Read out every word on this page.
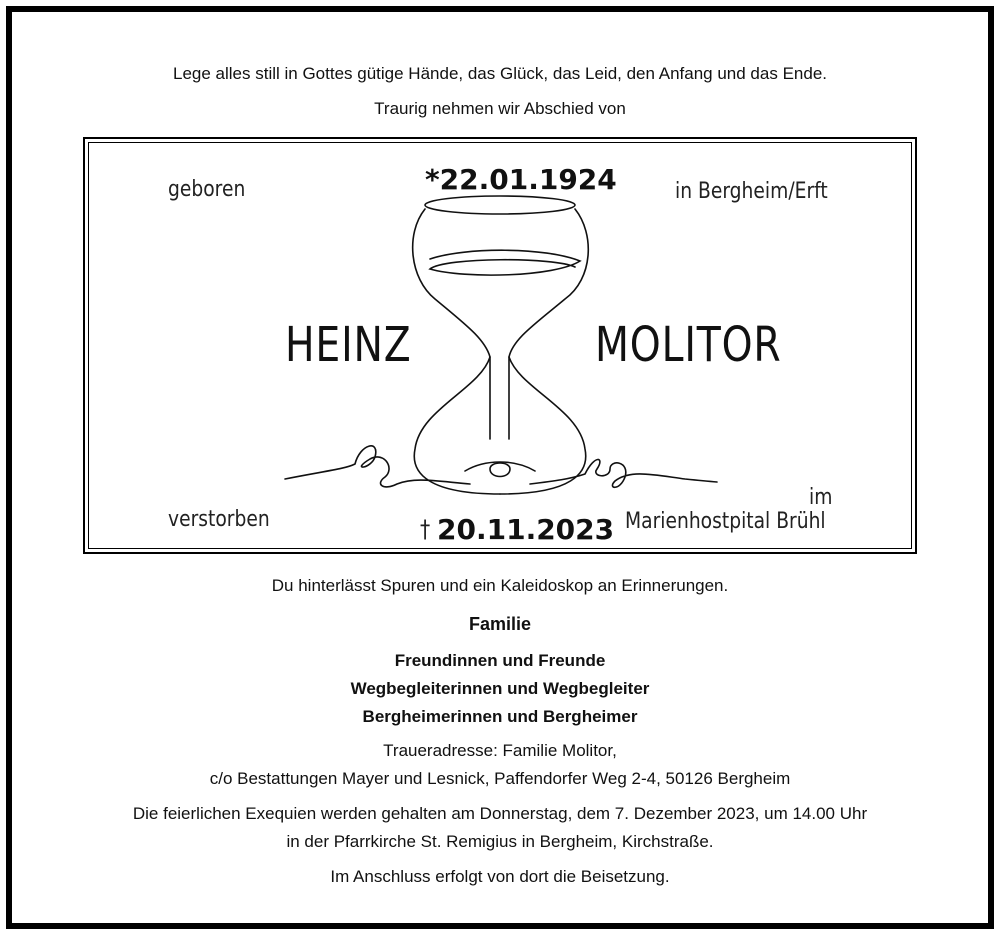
Lege alles still in Gottes gütige Hände, das Glück, das Leid, den Anfang und das Ende.
Traurig nehmen wir Abschied von
geboren	*22.01.1924	in Bergheim/Erft
HEINZ	MOLITOR
im
verstorben	† 20.11.2023 Marienhostpital Brühl
Du hinterlässt Spuren und ein Kaleidoskop an Erinnerungen.
Familie
Freundinnen und Freunde
Wegbegleiterinnen und Wegbegleiter
Bergheimerinnen und Bergheimer
Traueradresse: Familie Molitor,
c/o Bestattungen Mayer und Lesnick, Paffendorfer Weg 2-4, 50126 Bergheim
Die feierlichen Exequien werden gehalten am Donnerstag, dem 7. Dezember 2023, um 14.00 Uhr
in der Pfarrkirche St. Remigius in Bergheim, Kirchstraße.
Im Anschluss erfolgt von dort die Beisetzung.
